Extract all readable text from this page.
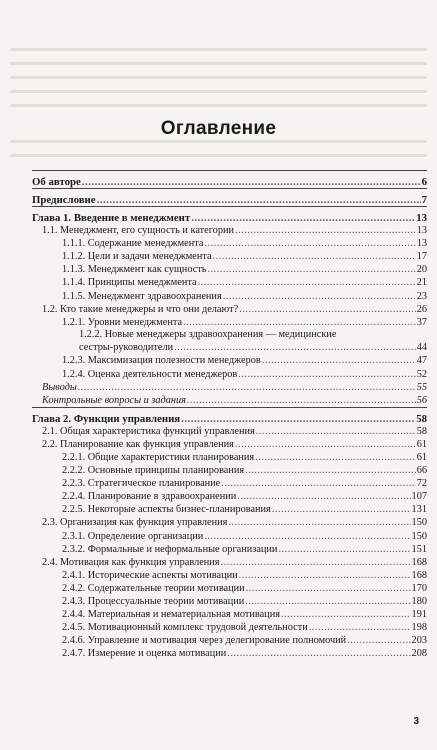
Оглавление
Об авторе .....	6
Предисловие .....	7
Глава 1. Введение в менеджмент .....	13
1.1. Менеджмент, его сущность и категории .....	13
1.1.1. Содержание менеджмента .....	13
1.1.2. Цели и задачи менеджмента .....	17
1.1.3. Менеджмент как сущность .....	20
1.1.4. Принципы менеджмента .....	21
1.1.5. Менеджмент здравоохранения .....	23
1.2. Кто такие менеджеры и что они делают? .....	26
1.2.1. Уровни менеджмента .....	37
1.2.2. Новые менеджеры здравоохранения — медицинские
сестры-руководители .....	44
1.2.3. Максимизация полезности менеджеров .....	47
1.2.4. Оценка деятельности менеджеров .....	52
Выводы .....	55
Контрольные вопросы и задания .....	56
Глава 2. Функции управления .....	58
2.1. Общая характеристика функций управления .....	58
2.2. Планирование как функция управления .....	61
2.2.1. Общие характеристики планирования .....	61
2.2.2. Основные принципы планирования .....	66
2.2.3. Стратегическое планирование .....	72
2.2.4. Планирование в здравоохранении .....	107
2.2.5. Некоторые аспекты бизнес-планирования .....	131
2.3. Организация как функция управления .....	150
2.3.1. Определение организации .....	150
2.3.2. Формальные и неформальные организации .....	151
2.4. Мотивация как функция управления .....	168
2.4.1. Исторические аспекты мотивации .....	168
2.4.2. Содержательные теории мотивации .....	170
2.4.3. Процессуальные теории мотивации .....	180
2.4.4. Материальная и нематериальная мотивация .....	191
2.4.5. Мотивационный комплекс трудовой деятельности .....	198
2.4.6. Управление и мотивация через делегирование полномочий .....	203
2.4.7. Измерение и оценка мотивации .....	208
3
